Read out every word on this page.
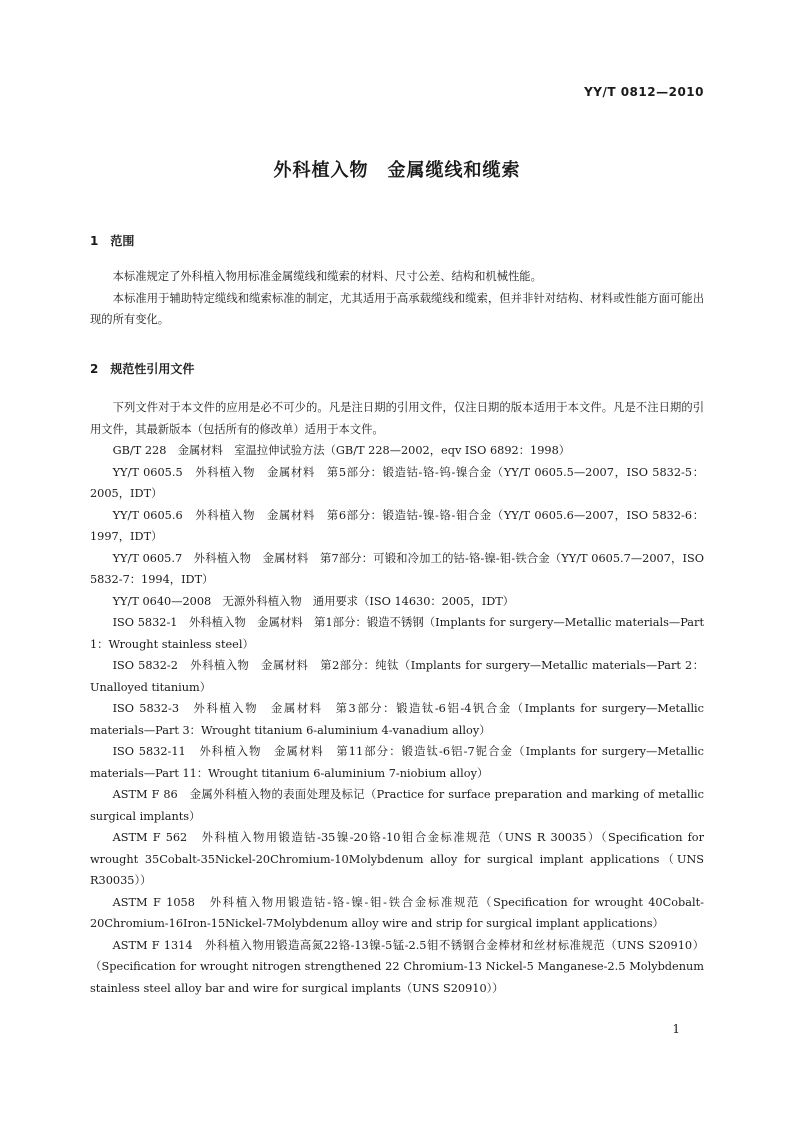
YY/T 0812—2010
外科植入物　金属缆线和缆索
1　范围

本标准规定了外科植入物用标准金属缆线和缆索的材料、尺寸公差、结构和机械性能。

本标准用于辅助特定缆线和缆索标准的制定，尤其适用于高承载缆线和缆索，但并非针对结构、材料或性能方面可能出现的所有变化。

2　规范性引用文件

下列文件对于本文件的应用是必不可少的。凡是注日期的引用文件，仅注日期的版本适用于本文件。凡是不注日期的引用文件，其最新版本（包括所有的修改单）适用于本文件。

GB/T 228　金属材料　室温拉伸试验方法（GB/T 228—2002，eqv ISO 6892：1998）

YY/T 0605.5　外科植入物　金属材料　第5部分：锻造钴-铬-钨-镍合金（YY/T 0605.5—2007，ISO 5832-5：2005，IDT）

YY/T 0605.6　外科植入物　金属材料　第6部分：锻造钴-镍-铬-钼合金（YY/T 0605.6—2007，ISO 5832-6：1997，IDT）

YY/T 0605.7　外科植入物　金属材料　第7部分：可锻和冷加工的钴-铬-镍-钼-铁合金（YY/T 0605.7—2007，ISO 5832-7：1994，IDT）

YY/T 0640—2008　无源外科植入物　通用要求（ISO 14630：2005，IDT）

ISO 5832-1　外科植入物　金属材料　第1部分：锻造不锈钢（Implants for surgery—Metallic materials—Part 1：Wrought stainless steel）

ISO 5832-2　外科植入物　金属材料　第2部分：纯钛（Implants for surgery—Metallic materials—Part 2：Unalloyed titanium）

ISO 5832-3　外科植入物　金属材料　第3部分：锻造钛-6铝-4钒合金（Implants for surgery—Metallic materials—Part 3：Wrought titanium 6-aluminium 4-vanadium alloy）

ISO 5832-11　外科植入物　金属材料　第11部分：锻造钛-6铝-7铌合金（Implants for surgery—Metallic materials—Part 11：Wrought titanium 6-aluminium 7-niobium alloy）

ASTM F 86　金属外科植入物的表面处理及标记（Practice for surface preparation and marking of metallic surgical implants）

ASTM F 562　外科植入物用锻造钴-35镍-20铬-10钼合金标准规范（UNS R 30035）（Specification for wrought 35Cobalt-35Nickel-20Chromium-10Molybdenum alloy for surgical implant applications（UNS R30035））

ASTM F 1058　外科植入物用锻造钴-铬-镍-钼-铁合金标准规范（Specification for wrought 40Cobalt-20Chromium-16Iron-15Nickel-7Molybdenum alloy wire and strip for surgical implant applications）

ASTM F 1314　外科植入物用锻造高氮22铬-13镍-5锰-2.5钼不锈钢合金棒材和丝材标准规范（UNS S20910）（Specification for wrought nitrogen strengthened 22 Chromium-13 Nickel-5 Manganese-2.5 Molybdenum stainless steel alloy bar and wire for surgical implants（UNS S20910））

1
